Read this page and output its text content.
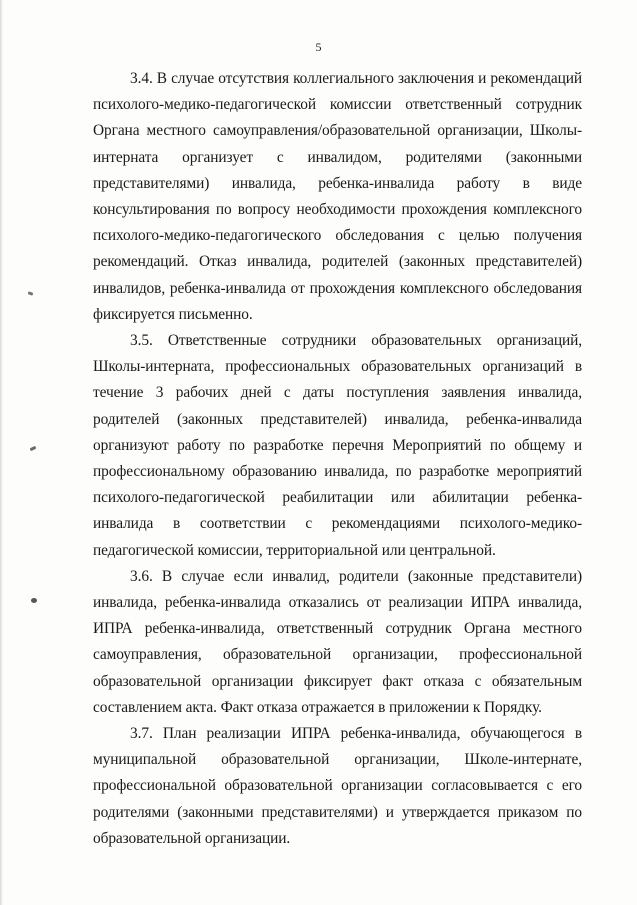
5

3.4. В случае отсутствия коллегиального заключения и рекомендаций психолого-медико-педагогической комиссии ответственный сотрудник Органа местного самоуправления/образовательной организации, Школы-интерната организует с инвалидом, родителями (законными представителями) инвалида, ребенка-инвалида работу в виде консультирования по вопросу необходимости прохождения комплексного психолого-медико-педагогического обследования с целью получения рекомендаций. Отказ инвалида, родителей (законных представителей) инвалидов, ребенка-инвалида от прохождения комплексного обследования фиксируется письменно.

3.5. Ответственные сотрудники образовательных организаций, Школы-интерната, профессиональных образовательных организаций в течение 3 рабочих дней с даты поступления заявления инвалида, родителей (законных представителей) инвалида, ребенка-инвалида организуют работу по разработке перечня Мероприятий по общему и профессиональному образованию инвалида, по разработке мероприятий психолого-педагогической реабилитации или абилитации ребенка-инвалида в соответствии с рекомендациями психолого-медико-педагогической комиссии, территориальной или центральной.

3.6. В случае если инвалид, родители (законные представители) инвалида, ребенка-инвалида отказались от реализации ИПРА инвалида, ИПРА ребенка-инвалида, ответственный сотрудник Органа местного самоуправления, образовательной организации, профессиональной образовательной организации фиксирует факт отказа с обязательным составлением акта. Факт отказа отражается в приложении к Порядку.

3.7. План реализации ИПРА ребенка-инвалида, обучающегося в муниципальной образовательной организации, Школе-интернате, профессиональной образовательной организации согласовывается с его родителями (законными представителями) и утверждается приказом по образовательной организации.
